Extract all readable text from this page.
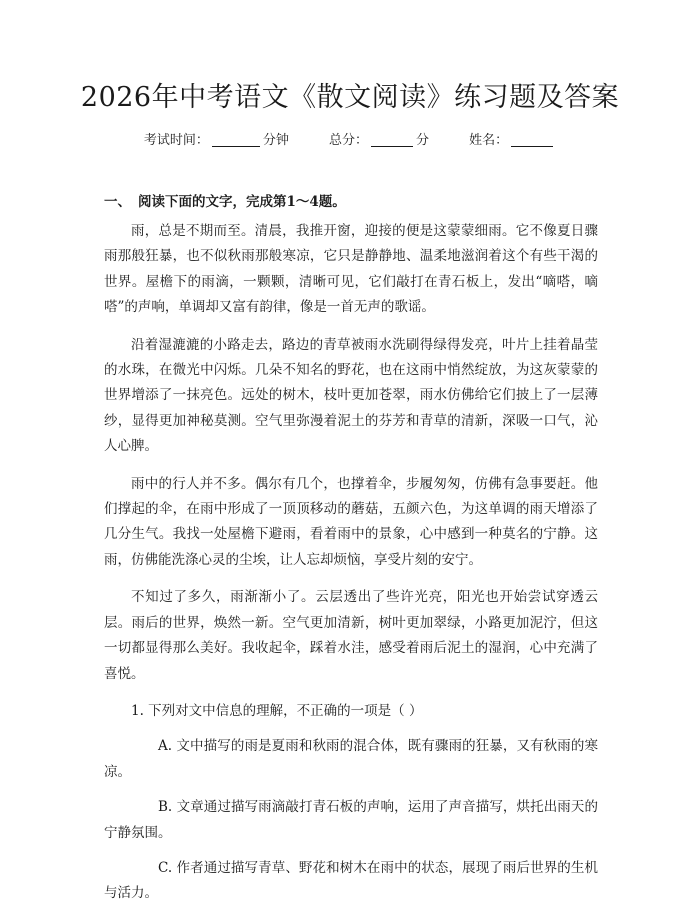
2026年中考语文《散文阅读》练习题及答案
考试时间：	分钟	总分：	分	姓名：
一、 阅读下面的文字，完成第1～4题。

雨，总是不期而至。清晨，我推开窗，迎接的便是这蒙蒙细雨。它不像夏日骤雨那般狂暴，也不似秋雨那般寒凉，它只是静静地、温柔地滋润着这个有些干渴的世界。屋檐下的雨滴，一颗颗，清晰可见，它们敲打在青石板上，发出“嘀嗒，嘀嗒”的声响，单调却又富有韵律，像是一首无声的歌谣。

沿着湿漉漉的小路走去，路边的青草被雨水洗刷得绿得发亮，叶片上挂着晶莹的水珠，在微光中闪烁。几朵不知名的野花，也在这雨中悄然绽放，为这灰蒙蒙的世界增添了一抹亮色。远处的树木，枝叶更加苍翠，雨水仿佛给它们披上了一层薄纱，显得更加神秘莫测。空气里弥漫着泥土的芬芳和青草的清新，深吸一口气，沁人心脾。

雨中的行人并不多。偶尔有几个，也撑着伞，步履匆匆，仿佛有急事要赶。他们撑起的伞，在雨中形成了一顶顶移动的蘑菇，五颜六色，为这单调的雨天增添了几分生气。我找一处屋檐下避雨，看着雨中的景象，心中感到一种莫名的宁静。这雨，仿佛能洗涤心灵的尘埃，让人忘却烦恼，享受片刻的安宁。

不知过了多久，雨渐渐小了。云层透出了些许光亮，阳光也开始尝试穿透云层。雨后的世界，焕然一新。空气更加清新，树叶更加翠绿，小路更加泥泞，但这一切都显得那么美好。我收起伞，踩着水洼，感受着雨后泥土的湿润，心中充满了喜悦。

1. 下列对文中信息的理解，不正确的一项是（ ）
A. 文中描写的雨是夏雨和秋雨的混合体，既有骤雨的狂暴，又有秋雨的寒凉。
B. 文章通过描写雨滴敲打青石板的声响，运用了声音描写，烘托出雨天的宁静氛围。
C. 作者通过描写青草、野花和树木在雨中的状态，展现了雨后世界的生机与活力。
